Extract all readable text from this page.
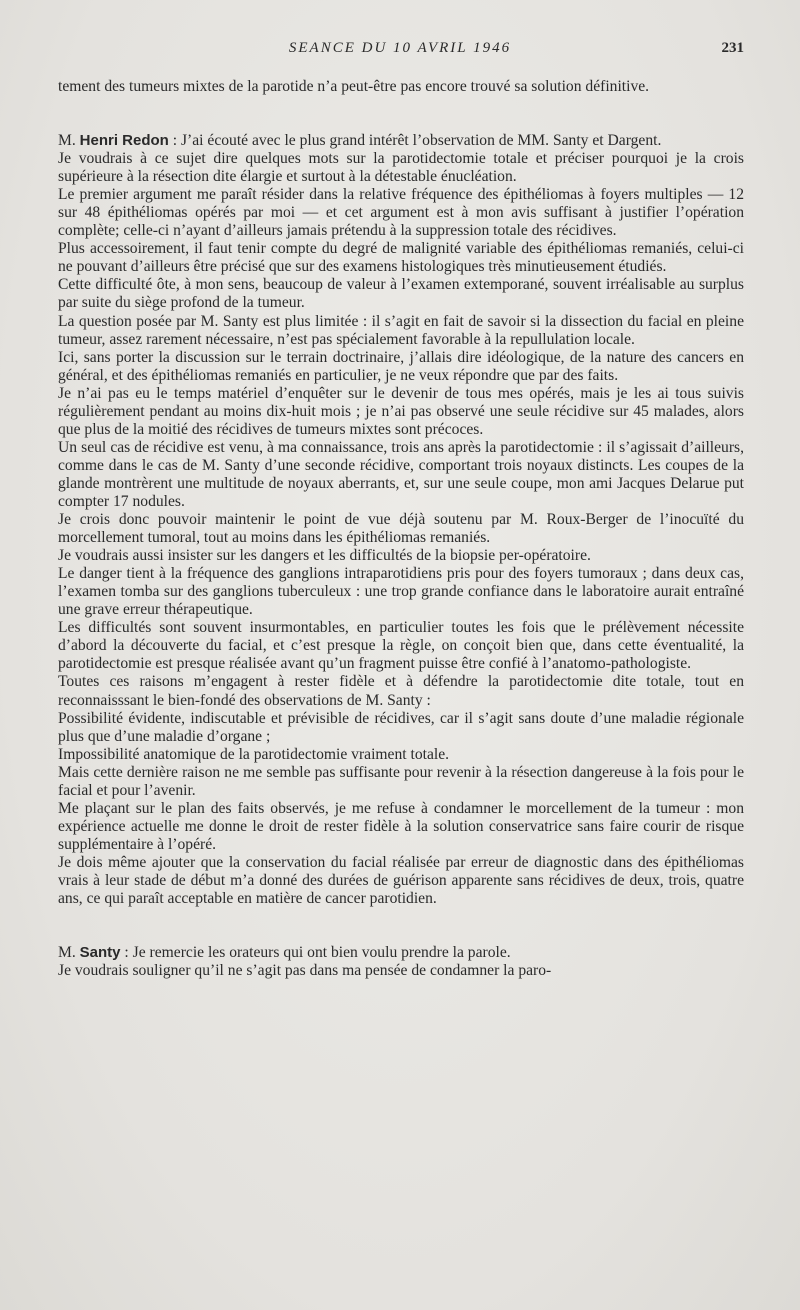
SEANCE DU 10 AVRIL 1946	231

tement des tumeurs mixtes de la parotide n’a peut-être pas encore trouvé sa solution définitive.

M. Henri Redon : J’ai écouté avec le plus grand intérêt l’observation de MM. Santy et Dargent.

Je voudrais à ce sujet dire quelques mots sur la parotidectomie totale et préciser pourquoi je la crois supérieure à la résection dite élargie et surtout à la détestable énucléation.

Le premier argument me paraît résider dans la relative fréquence des épithéliomas à foyers multiples — 12 sur 48 épithéliomas opérés par moi — et cet argument est à mon avis suffisant à justifier l’opération complète; celle-ci n’ayant d’ailleurs jamais prétendu à la suppression totale des récidives.

Plus accessoirement, il faut tenir compte du degré de malignité variable des épithéliomas remaniés, celui-ci ne pouvant d’ailleurs être précisé que sur des examens histologiques très minutieusement étudiés.

Cette difficulté ôte, à mon sens, beaucoup de valeur à l’examen extemporané, souvent irréalisable au surplus par suite du siège profond de la tumeur.

La question posée par M. Santy est plus limitée : il s’agit en fait de savoir si la dissection du facial en pleine tumeur, assez rarement nécessaire, n’est pas spécialement favorable à la repullulation locale.

Ici, sans porter la discussion sur le terrain doctrinaire, j’allais dire idéologique, de la nature des cancers en général, et des épithéliomas remaniés en particulier, je ne veux répondre que par des faits.

Je n’ai pas eu le temps matériel d’enquêter sur le devenir de tous mes opérés, mais je les ai tous suivis régulièrement pendant au moins dix-huit mois ; je n’ai pas observé une seule récidive sur 45 malades, alors que plus de la moitié des récidives de tumeurs mixtes sont précoces.

Un seul cas de récidive est venu, à ma connaissance, trois ans après la parotidectomie : il s’agissait d’ailleurs, comme dans le cas de M. Santy d’une seconde récidive, comportant trois noyaux distincts. Les coupes de la glande montrèrent une multitude de noyaux aberrants, et, sur une seule coupe, mon ami Jacques Delarue put compter 17 nodules.

Je crois donc pouvoir maintenir le point de vue déjà soutenu par M. Roux-Berger de l’inocuïté du morcellement tumoral, tout au moins dans les épithéliomas remaniés.

Je voudrais aussi insister sur les dangers et les difficultés de la biopsie per-opératoire.

Le danger tient à la fréquence des ganglions intraparotidiens pris pour des foyers tumoraux ; dans deux cas, l’examen tomba sur des ganglions tuberculeux : une trop grande confiance dans le laboratoire aurait entraîné une grave erreur thérapeutique.

Les difficultés sont souvent insurmontables, en particulier toutes les fois que le prélèvement nécessite d’abord la découverte du facial, et c’est presque la règle, on conçoit bien que, dans cette éventualité, la parotidectomie est presque réalisée avant qu’un fragment puisse être confié à l’anatomo-pathologiste.

Toutes ces raisons m’engagent à rester fidèle et à défendre la parotidectomie dite totale, tout en reconnaisssant le bien-fondé des observations de M. Santy :

Possibilité évidente, indiscutable et prévisible de récidives, car il s’agit sans doute d’une maladie régionale plus que d’une maladie d’organe ;

Impossibilité anatomique de la parotidectomie vraiment totale.

Mais cette dernière raison ne me semble pas suffisante pour revenir à la résection dangereuse à la fois pour le facial et pour l’avenir.

Me plaçant sur le plan des faits observés, je me refuse à condamner le morcellement de la tumeur : mon expérience actuelle me donne le droit de rester fidèle à la solution conservatrice sans faire courir de risque supplémentaire à l’opéré.

Je dois même ajouter que la conservation du facial réalisée par erreur de diagnostic dans des épithéliomas vrais à leur stade de début m’a donné des durées de guérison apparente sans récidives de deux, trois, quatre ans, ce qui paraît acceptable en matière de cancer parotidien.

M. Santy : Je remercie les orateurs qui ont bien voulu prendre la parole.

Je voudrais souligner qu’il ne s’agit pas dans ma pensée de condamner la paro-
